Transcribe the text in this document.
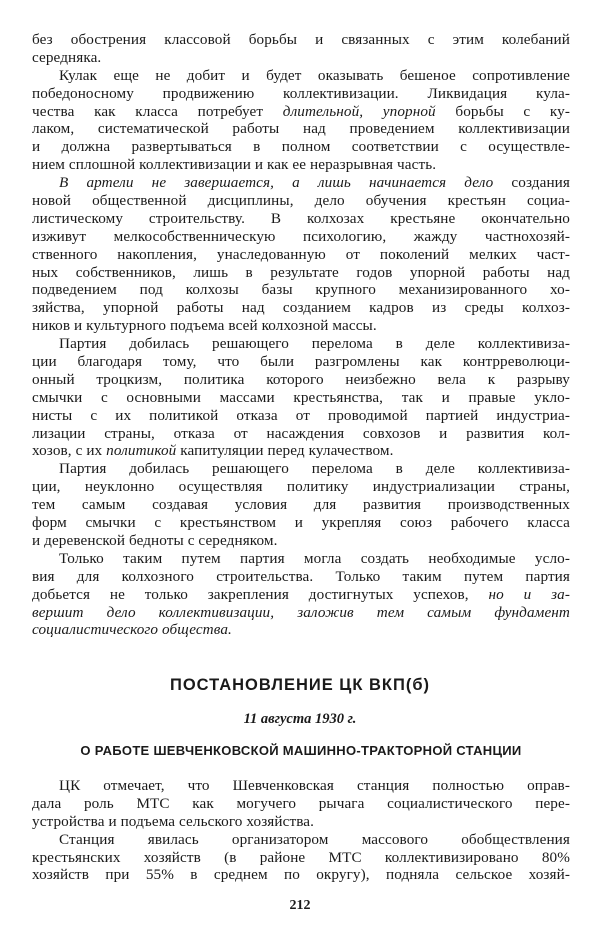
без обострения классовой борьбы и связанных с этим колебаний
середняка.
Кулак еще не добит и будет оказывать бешеное сопротивление
победоносному продвижению коллективизации. Ликвидация кула-
чества как класса потребует длительной, упорной борьбы с ку-
лаком, систематической работы над проведением коллективизации
и должна развертываться в полном соответствии с осуществле-
нием сплошной коллективизации и как ее неразрывная часть.
В артели не завершается, а лишь начинается дело создания
новой общественной дисциплины, дело обучения крестьян социа-
листическому строительству. В колхозах крестьяне окончательно
изживут мелкособственническую психологию, жажду частнохозяй-
ственного накопления, унаследованную от поколений мелких част-
ных собственников, лишь в результате годов упорной работы над
подведением под колхозы базы крупного механизированного хо-
зяйства, упорной работы над созданием кадров из среды колхоз-
ников и культурного подъема всей колхозной массы.
Партия добилась решающего перелома в деле коллективиза-
ции благодаря тому, что были разгромлены как контрреволюци-
онный троцкизм, политика которого неизбежно вела к разрыву
смычки с основными массами крестьянства, так и правые укло-
нисты с их политикой отказа от проводимой партией индустриа-
лизации страны, отказа от насаждения совхозов и развития кол-
хозов, с их политикой капитуляции перед кулачеством.
Партия добилась решающего перелома в деле коллективиза-
ции, неуклонно осуществляя политику индустриализации страны,
тем самым создавая условия для развития производственных
форм смычки с крестьянством и укрепляя союз рабочего класса
и деревенской бедноты с середняком.
Только таким путем партия могла создать необходимые усло-
вия для колхозного строительства. Только таким путем партия
добьется не только закрепления достигнутых успехов, но и за-
вершит дело коллективизации, заложив тем самым фундамент
социалистического общества.
ПОСТАНОВЛЕНИЕ ЦК ВКП(б)
11 августа 1930 г.
О РАБОТЕ ШЕВЧЕНКОВСКОЙ МАШИННО-ТРАКТОРНОЙ СТАНЦИИ
ЦК отмечает, что Шевченковская станция полностью оправ-
дала роль МТС как могучего рычага социалистического пере-
устройства и подъема сельского хозяйства.
Станция явилась организатором массового обобществления
крестьянских хозяйств (в районе МТС коллективизировано 80%
хозяйств при 55% в среднем по округу), подняла сельское хозяй-
212
